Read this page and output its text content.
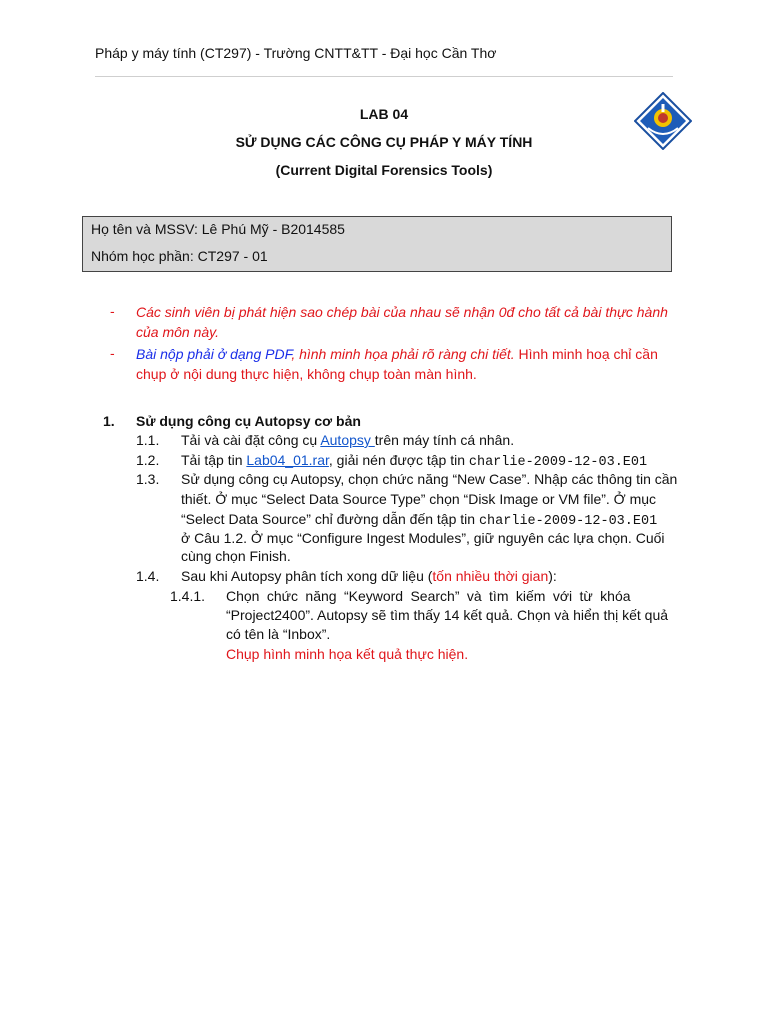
Pháp y máy tính (CT297) - Trường CNTT&TT - Đại học Cần Thơ
LAB 04
SỬ DỤNG CÁC CÔNG CỤ PHÁP Y MÁY TÍNH
(Current Digital Forensics Tools)
Họ tên và MSSV: Lê Phú Mỹ - B2014585
Nhóm học phần: CT297 - 01
- Các sinh viên bị phát hiện sao chép bài của nhau sẽ nhận 0đ cho tất cả bài thực hành
của môn này.
- Bài nộp phải ở dạng PDF, hình minh họa phải rõ ràng chi tiết. Hình minh hoạ chỉ cần
chụp ở nội dung thực hiện, không chụp toàn màn hình.
1. Sử dụng công cụ Autopsy cơ bản
1.1. Tải và cài đặt công cụ Autopsy trên máy tính cá nhân.
1.2. Tải tập tin Lab04_01.rar, giải nén được tập tin charlie-2009-12-03.E01
1.3. Sử dụng công cụ Autopsy, chọn chức năng “New Case”. Nhập các thông tin cần
thiết. Ở mục “Select Data Source Type” chọn “Disk Image or VM file”. Ở mục
“Select Data Source” chỉ đường dẫn đến tập tin charlie-2009-12-03.E01
ở Câu 1.2. Ở mục “Configure Ingest Modules”, giữ nguyên các lựa chọn. Cuối
cùng chọn Finish.
1.4. Sau khi Autopsy phân tích xong dữ liệu (tốn nhiều thời gian):
1.4.1. Chọn chức năng “Keyword Search” và tìm kiếm với từ khóa
“Project2400”. Autopsy sẽ tìm thấy 14 kết quả. Chọn và hiển thị kết quả
có tên là “Inbox”.
Chụp hình minh họa kết quả thực hiện.
